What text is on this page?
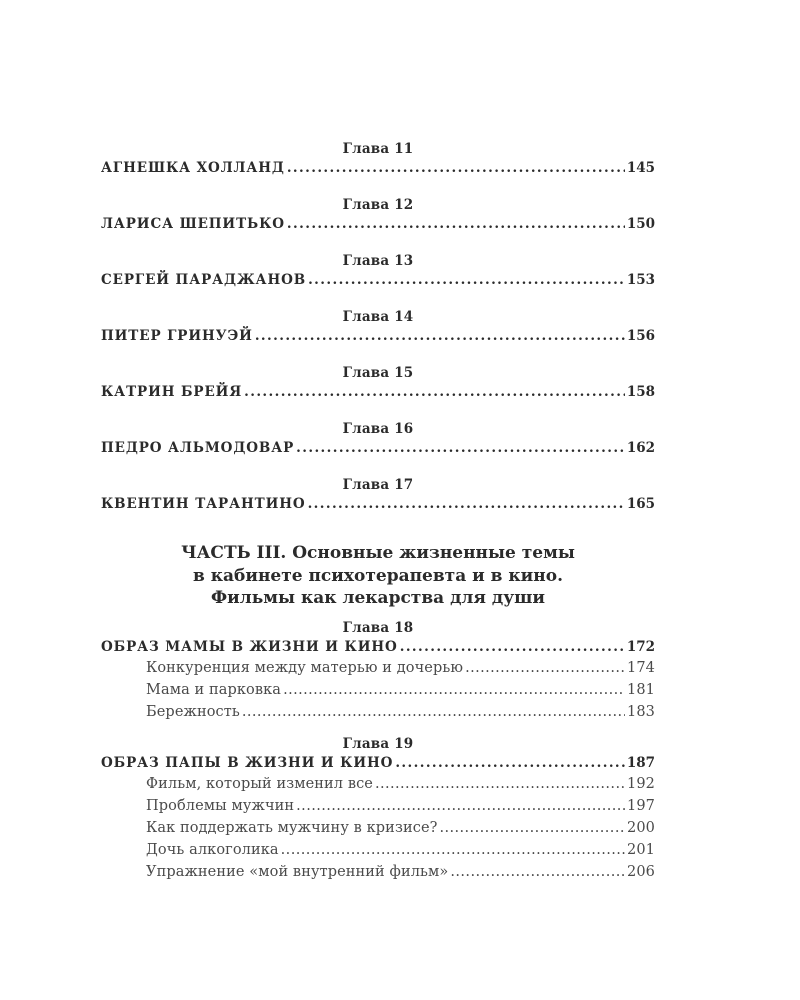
Глава 11
АГНЕШКА ХОЛЛАНД .....	145
Глава 12
ЛАРИСА ШЕПИТЬКО .....	150
Глава 13
СЕРГЕЙ ПАРАДЖАНОВ .....	153
Глава 14
ПИТЕР ГРИНУЭЙ .....	156
Глава 15
КАТРИН БРЕЙЯ .....	158
Глава 16
ПЕДРО АЛЬМОДОВАР .....	162
Глава 17
КВЕНТИН ТАРАНТИНО .....	165

ЧАСТЬ III. Основные жизненные темы

в кабинете психотерапевта и в кино.

Фильмы как лекарства для души

Глава 18
ОБРАЗ МАМЫ В ЖИЗНИ И КИНО .....	172
Конкуренция между матерью и дочерью .....	174
Мама и парковка .....	181
Бережность .....	183
Глава 19
ОБРАЗ ПАПЫ В ЖИЗНИ И КИНО .....	187
Фильм, который изменил все .....	192
Проблемы мужчин .....	197
Как поддержать мужчину в кризисе? .....	200
Дочь алкоголика .....	201
Упражнение «мой внутренний фильм» .....	206
